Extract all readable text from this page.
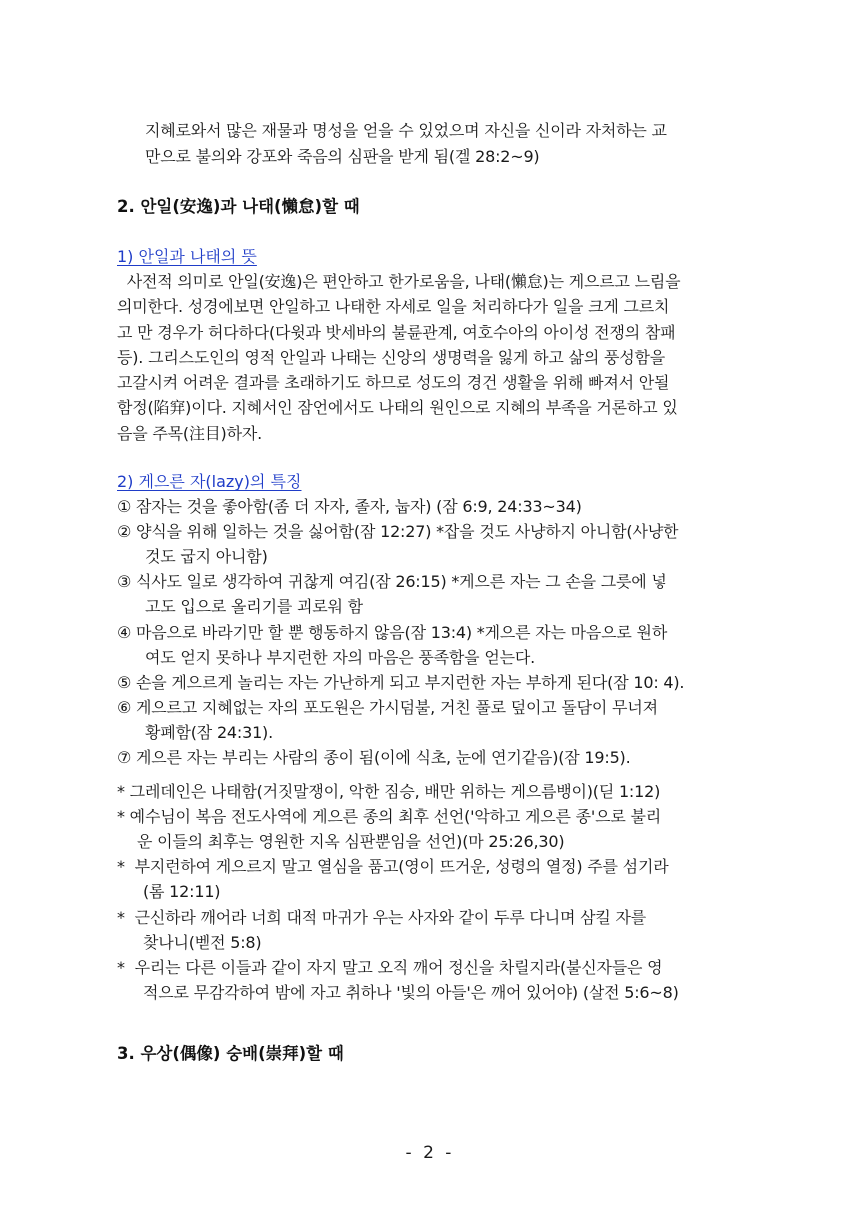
지혜로와서 많은 재물과 명성을 얻을 수 있었으며 자신을 신이라 자처하는 교
만으로 불의와 강포와 죽음의 심판을 받게 됨(겔 28:2~9)
2. 안일(安逸)과 나태(懶怠)할 때
1) 안일과 나태의 뜻
사전적 의미로 안일(安逸)은 편안하고 한가로움을, 나태(懶怠)는 게으르고 느림을
의미한다. 성경에보면 안일하고 나태한 자세로 일을 처리하다가 일을 크게 그르치
고 만 경우가 허다하다(다윗과 밧세바의 불륜관계, 여호수아의 아이성 전쟁의 참패
등). 그리스도인의 영적 안일과 나태는 신앙의 생명력을 잃게 하고 삶의 풍성함을
고갈시켜 어려운 결과를 초래하기도 하므로 성도의 경건 생활을 위해 빠져서 안될
함정(陷穽)이다. 지혜서인 잠언에서도 나태의 원인으로 지혜의 부족을 거론하고 있
음을 주목(注目)하자.
2) 게으른 자(lazy)의 특징
① 잠자는 것을 좋아함(좀 더 자자, 졸자, 눕자) (잠 6:9, 24:33~34)
② 양식을 위해 일하는 것을 싫어함(잠 12:27) *잡을 것도 사냥하지 아니함(사냥한
것도 굽지 아니함)
③ 식사도 일로 생각하여 귀찮게 여김(잠 26:15) *게으른 자는 그 손을 그릇에 넣
고도 입으로 올리기를 괴로워 함
④ 마음으로 바라기만 할 뿐 행동하지 않음(잠 13:4) *게으른 자는 마음으로 원하
여도 얻지 못하나 부지런한 자의 마음은 풍족함을 얻는다.
⑤ 손을 게으르게 놀리는 자는 가난하게 되고 부지런한 자는 부하게 된다(잠 10: 4).
⑥ 게으르고 지혜없는 자의 포도원은 가시덤불, 거친 풀로 덮이고 돌담이 무너져
황폐함(잠 24:31).
⑦ 게으른 자는 부리는 사람의 종이 됨(이에 식초, 눈에 연기같음)(잠 19:5).
* 그레데인은 나태함(거짓말쟁이, 악한 짐승, 배만 위하는 게으름뱅이)(딛 1:12)
* 예수님이 복음 전도사역에 게으른 종의 최후 선언('악하고 게으른 종'으로 불리
운 이들의 최후는 영원한 지옥 심판뿐임을 선언)(마 25:26,30)
*  부지런하여 게으르지 말고 열심을 품고(영이 뜨거운, 성령의 열정) 주를 섬기라
(롬 12:11)
*  근신하라 깨어라 너희 대적 마귀가 우는 사자와 같이 두루 다니며 삼킬 자를
찾나니(벧전 5:8)
*  우리는 다른 이들과 같이 자지 말고 오직 깨어 정신을 차릴지라(불신자들은 영
적으로 무감각하여 밤에 자고 취하나 '빛의 아들'은 깨어 있어야) (살전 5:6~8)
3. 우상(偶像) 숭배(崇拜)할 때
- 2 -
